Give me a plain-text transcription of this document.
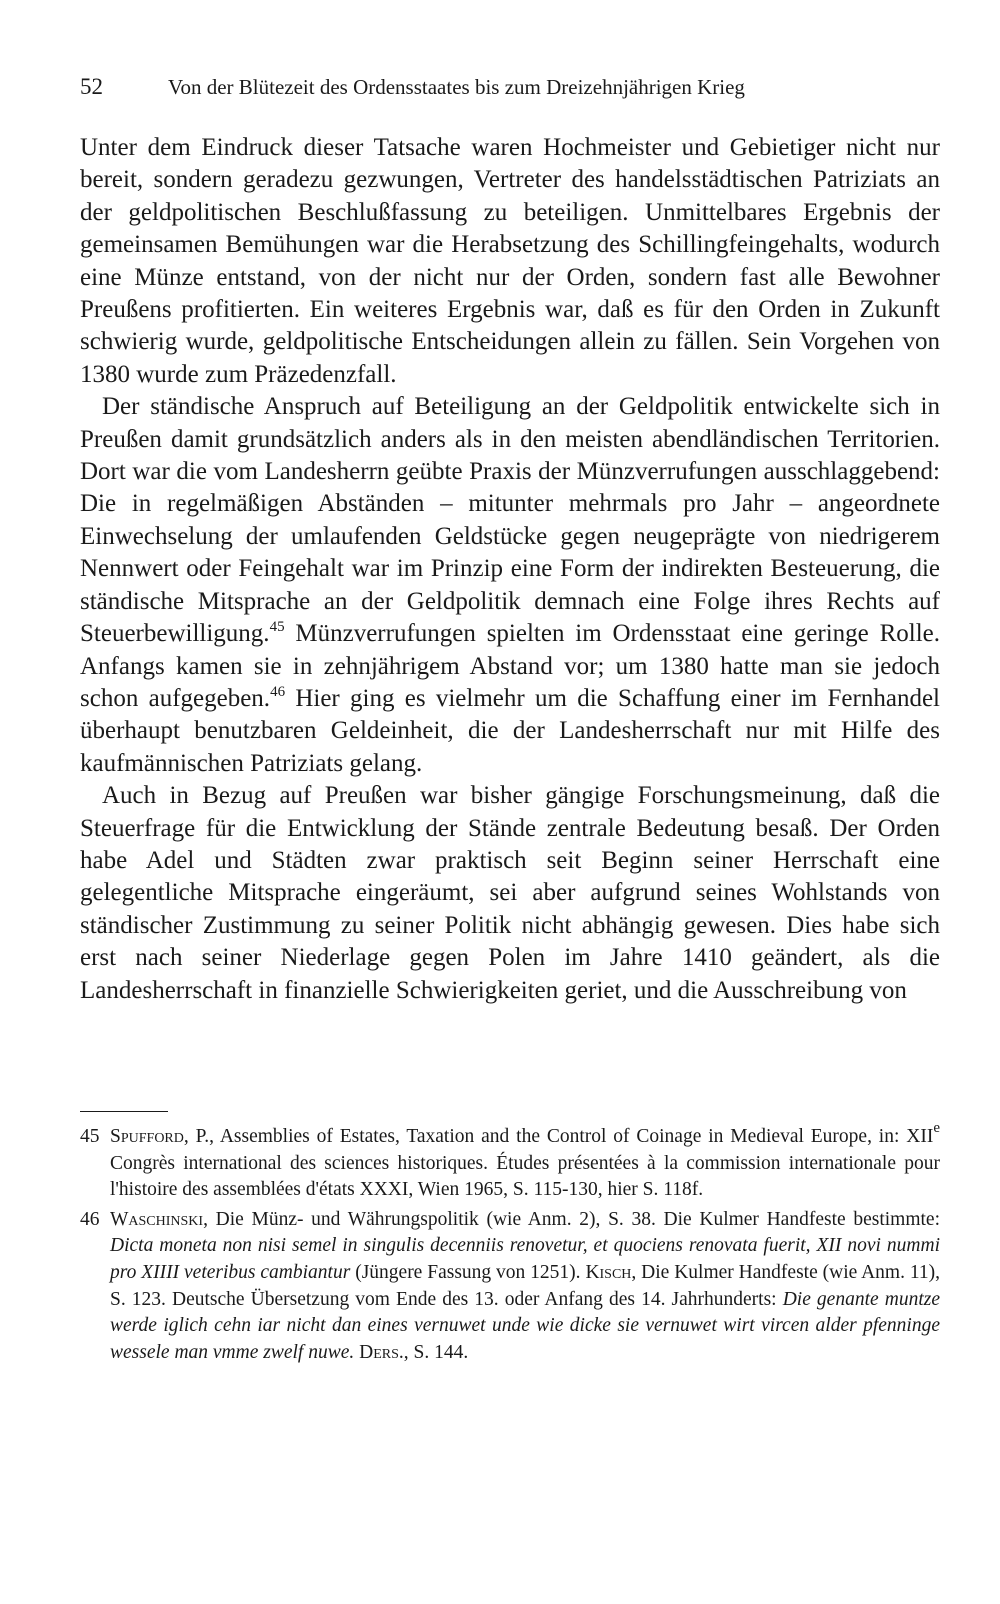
52	Von der Blütezeit des Ordensstaates bis zum Dreizehnjährigen Krieg

Unter dem Eindruck dieser Tatsache waren Hochmeister und Gebietiger nicht nur bereit, sondern geradezu gezwungen, Vertreter des handelsstädtischen Patriziats an der geldpolitischen Beschlußfassung zu beteiligen. Unmittelbares Ergebnis der gemeinsamen Bemühungen war die Herabsetzung des Schillingfeingehalts, wodurch eine Münze entstand, von der nicht nur der Orden, sondern fast alle Bewohner Preußens profitierten. Ein weiteres Ergebnis war, daß es für den Orden in Zukunft schwierig wurde, geldpolitische Entscheidungen allein zu fällen. Sein Vorgehen von 1380 wurde zum Präzedenzfall.

Der ständische Anspruch auf Beteiligung an der Geldpolitik entwickelte sich in Preußen damit grundsätzlich anders als in den meisten abendländischen Territorien. Dort war die vom Landesherrn geübte Praxis der Münzverrufungen ausschlaggebend: Die in regelmäßigen Abständen – mitunter mehrmals pro Jahr – angeordnete Einwechselung der umlaufenden Geldstücke gegen neugeprägte von niedrigerem Nennwert oder Feingehalt war im Prinzip eine Form der indirekten Besteuerung, die ständische Mitsprache an der Geldpolitik demnach eine Folge ihres Rechts auf Steuerbewilligung.$^{45}$ Münzverrufungen spielten im Ordensstaat eine geringe Rolle. Anfangs kamen sie in zehnjährigem Abstand vor; um 1380 hatte man sie jedoch schon aufgegeben.$^{46}$ Hier ging es vielmehr um die Schaffung einer im Fernhandel überhaupt benutzbaren Geldeinheit, die der Landesherrschaft nur mit Hilfe des kaufmännischen Patriziats gelang.

Auch in Bezug auf Preußen war bisher gängige Forschungsmeinung, daß die Steuerfrage für die Entwicklung der Stände zentrale Bedeutung besaß. Der Orden habe Adel und Städten zwar praktisch seit Beginn seiner Herrschaft eine gelegentliche Mitsprache eingeräumt, sei aber aufgrund seines Wohlstands von ständischer Zustimmung zu seiner Politik nicht abhängig gewesen. Dies habe sich erst nach seiner Niederlage gegen Polen im Jahre 1410 geändert, als die Landesherrschaft in finanzielle Schwierigkeiten geriet, und die Ausschreibung von

45 Spufford, P., Assemblies of Estates, Taxation and the Control of Coinage in Medieval Europe, in: XIIe Congrès international des sciences historiques. Études présentées à la commission internationale pour l'histoire des assemblées d'états XXXI, Wien 1965, S. 115-130, hier S. 118f.
46 Waschinski, Die Münz- und Währungspolitik (wie Anm. 2), S. 38. Die Kulmer Handfeste bestimmte: Dicta moneta non nisi semel in singulis decenniis renovetur, et quociens renovata fuerit, XII novi nummi pro XIIII veteribus cambiantur (Jüngere Fassung von 1251). Kisch, Die Kulmer Handfeste (wie Anm. 11), S. 123. Deutsche Übersetzung vom Ende des 13. oder Anfang des 14. Jahrhunderts: Die genante muntze werde iglich cehn iar nicht dan eines vernuwet unde wie dicke sie vernuwet wirt vircen alder pfenninge wessele man vmme zwelf nuwe. Ders., S. 144.
